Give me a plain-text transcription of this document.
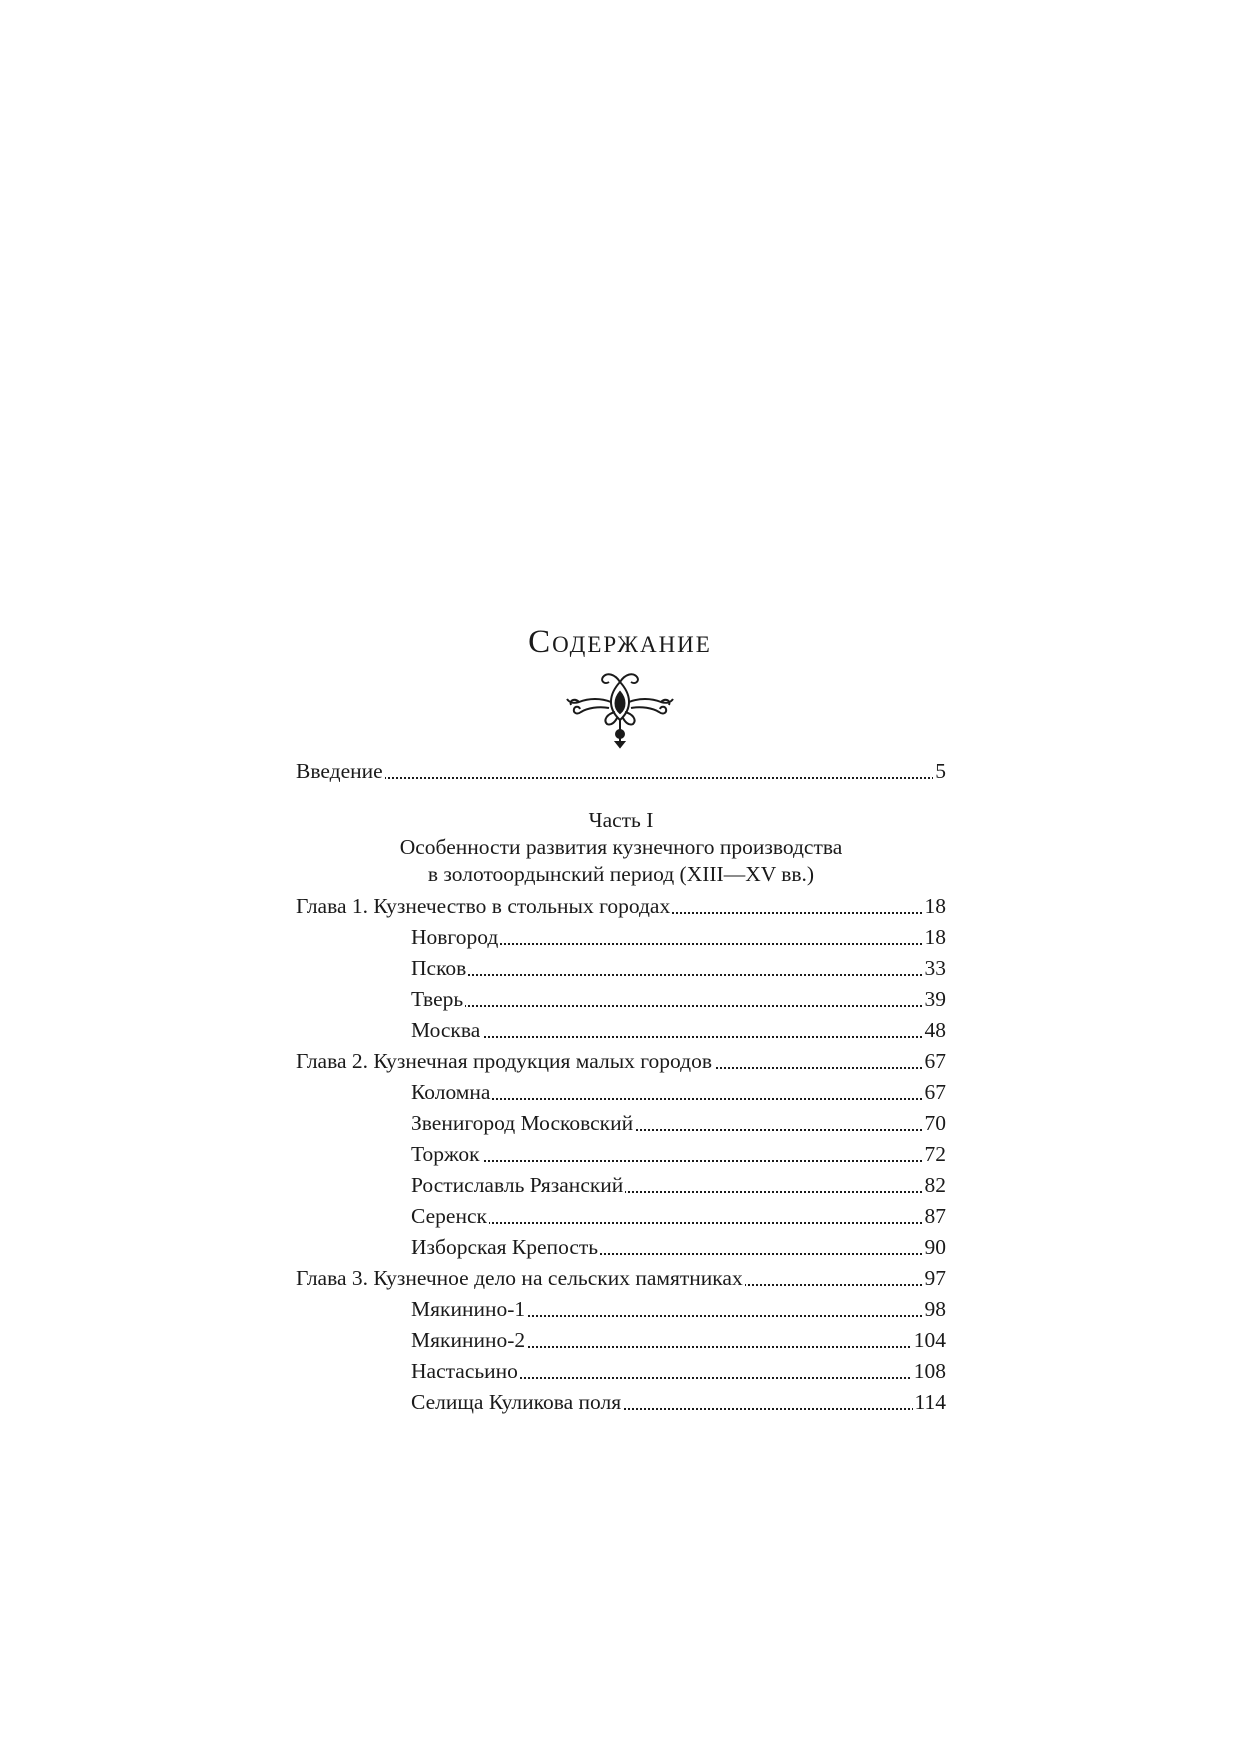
Содержание
Введение	5
Часть I
Особенности развития кузнечного производства
в золотоордынский период (XIII—XV вв.)
Глава 1. Кузнечество в стольных городах	18
Новгород	18
Псков	33
Тверь	39
Москва	48
Глава 2. Кузнечная продукция малых городов	67
Коломна	67
Звенигород Московский	70
Торжок	72
Ростиславль Рязанский	82
Серенск	87
Изборская Крепость	90
Глава 3. Кузнечное дело на сельских памятниках	97
Мякинино-1	98
Мякинино-2	104
Настасьино	108
Селища Куликова поля	114
